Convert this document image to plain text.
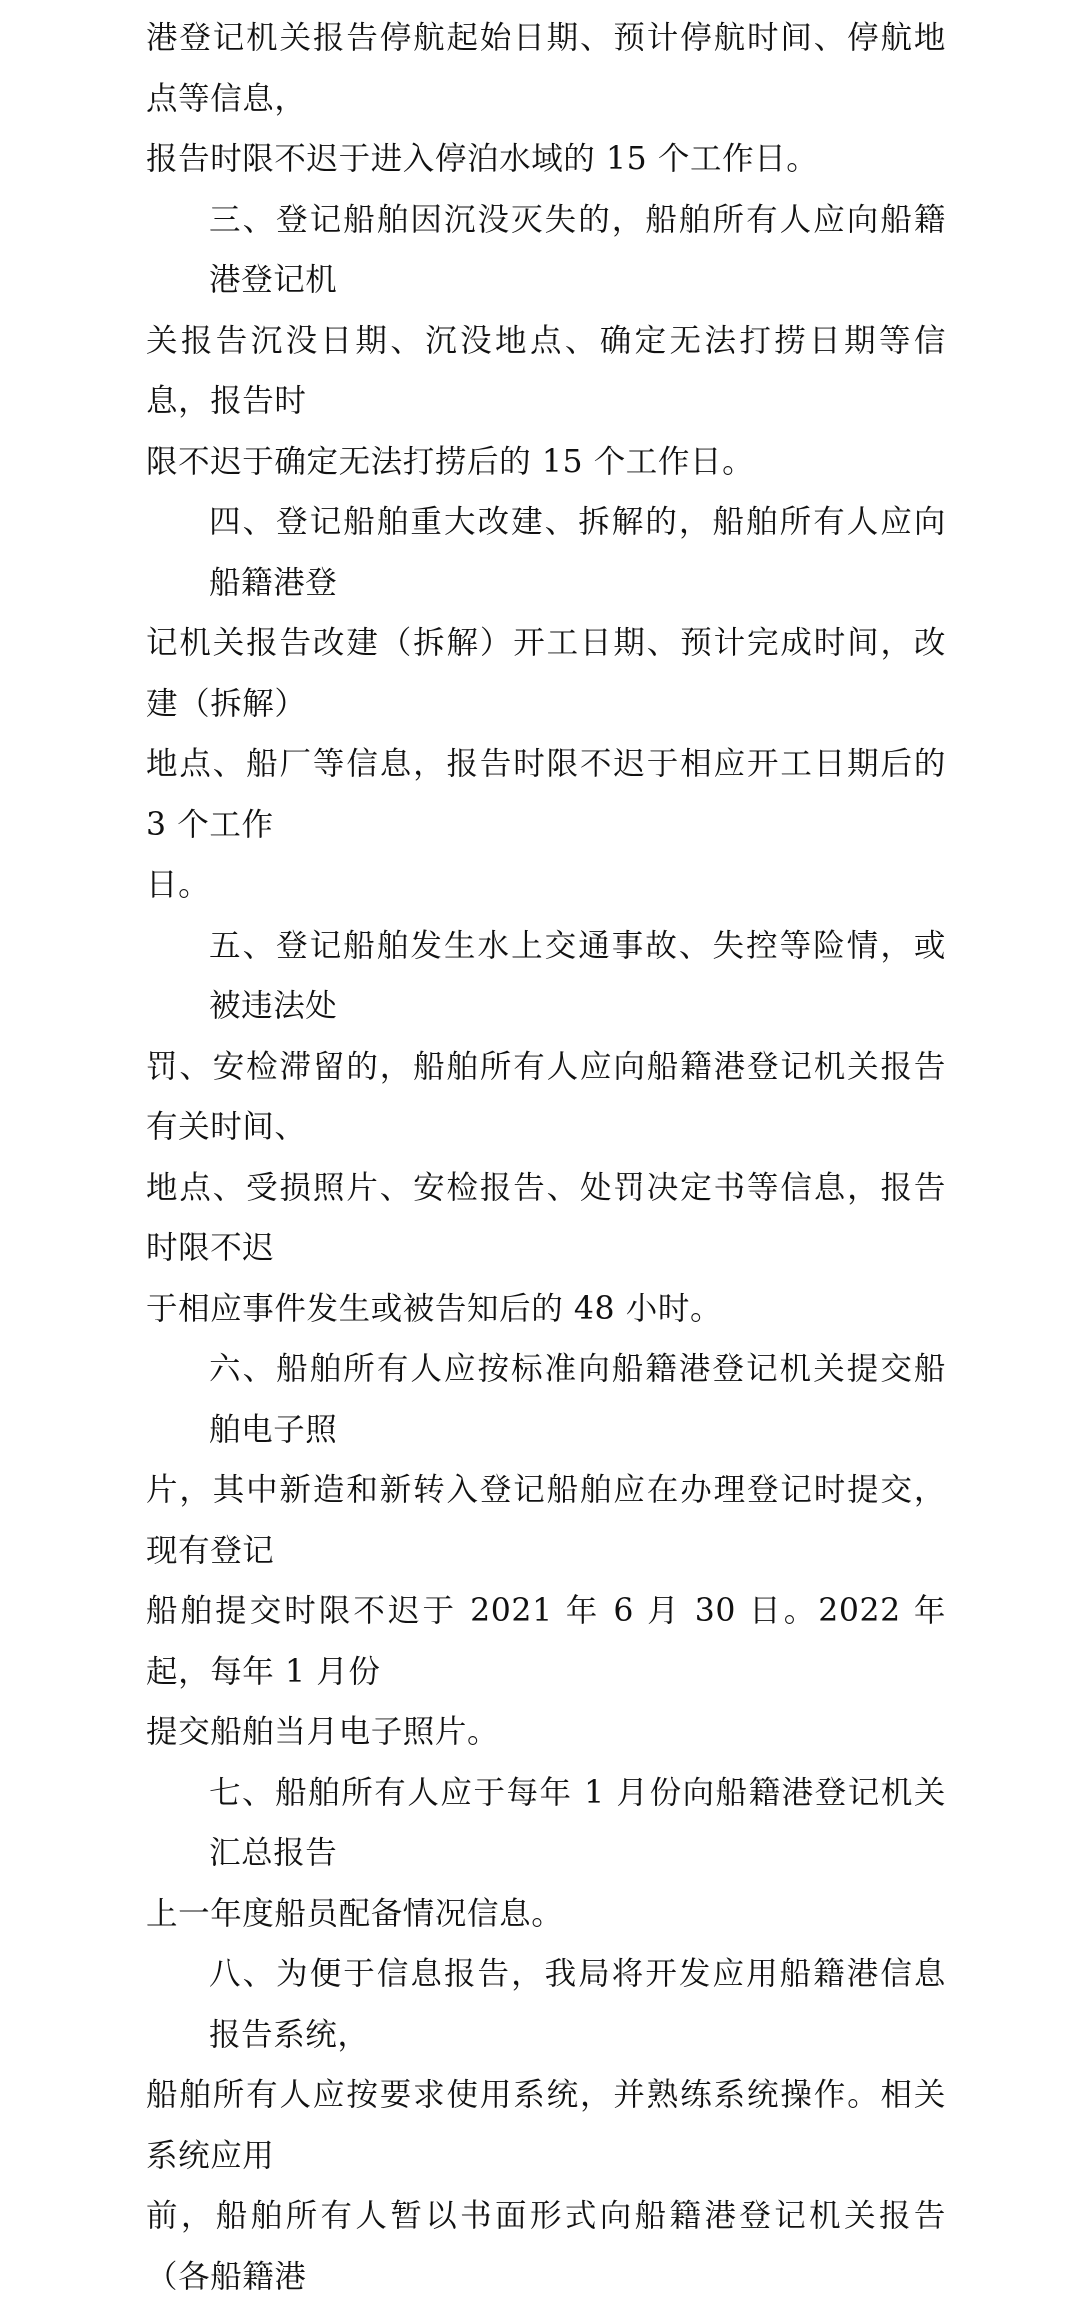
港登记机关报告停航起始日期、预计停航时间、停航地点等信息，
报告时限不迟于进入停泊水域的 15 个工作日。

三、登记船舶因沉没灭失的，船舶所有人应向船籍港登记机
关报告沉没日期、沉没地点、确定无法打捞日期等信息，报告时
限不迟于确定无法打捞后的 15 个工作日。

四、登记船舶重大改建、拆解的，船舶所有人应向船籍港登
记机关报告改建（拆解）开工日期、预计完成时间，改建（拆解）
地点、船厂等信息，报告时限不迟于相应开工日期后的 3 个工作
日。

五、登记船舶发生水上交通事故、失控等险情，或被违法处
罚、安检滞留的，船舶所有人应向船籍港登记机关报告有关时间、
地点、受损照片、安检报告、处罚决定书等信息，报告时限不迟
于相应事件发生或被告知后的 48 小时。

六、船舶所有人应按标准向船籍港登记机关提交船舶电子照
片，其中新造和新转入登记船舶应在办理登记时提交，现有登记
船舶提交时限不迟于 2021 年 6 月 30 日。2022 年起，每年 1 月份
提交船舶当月电子照片。

七、船舶所有人应于每年 1 月份向船籍港登记机关汇总报告
上一年度船员配备情况信息。

八、为便于信息报告，我局将开发应用船籍港信息报告系统，
船舶所有人应按要求使用系统，并熟练系统操作。相关系统应用
前，船舶所有人暂以书面形式向船籍港登记机关报告（各船籍港
